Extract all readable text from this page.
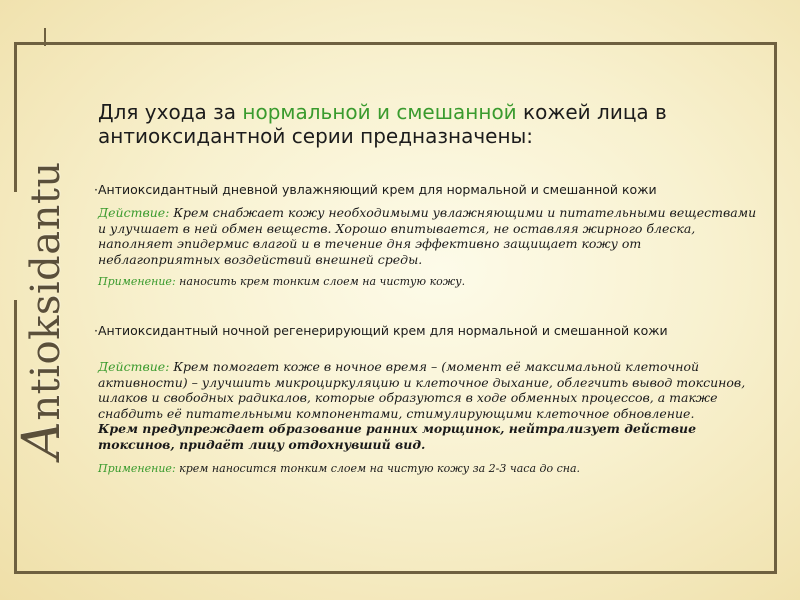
Antioksidantu
Для ухода за нормальной и смешанной кожей лица в антиоксидантной серии предназначены:

· Антиоксидантный дневной увлажняющий крем для нормальной и смешанной кожи

Действие: Крем снабжает кожу необходимыми увлажняющими и питательными веществами и улучшает в ней обмен веществ. Хорошо впитывается, не оставляя жирного блеска, наполняет эпидермис влагой и в течение дня эффективно защищает кожу от неблагоприятных воздействий внешней среды.

Применение: наносить крем тонким слоем на чистую кожу.

· Антиоксидантный ночной регенерирующий крем для нормальной и смешанной кожи

Действие: Крем помогает коже в ночное время – (момент её максимальной клеточной активности) – улучшить микроциркуляцию и клеточное дыхание, облегчить вывод токсинов, шлаков и свободных радикалов, которые образуются в ходе обменных процессов, а также снабдить её питательными компонентами, стимулирующими клеточное обновление.
Крем предупреждает образование ранних морщинок, нейтрализует действие токсинов, придаёт лицу отдохнувший вид.

Применение: крем наносится тонким слоем на чистую кожу за 2-3 часа до сна.
